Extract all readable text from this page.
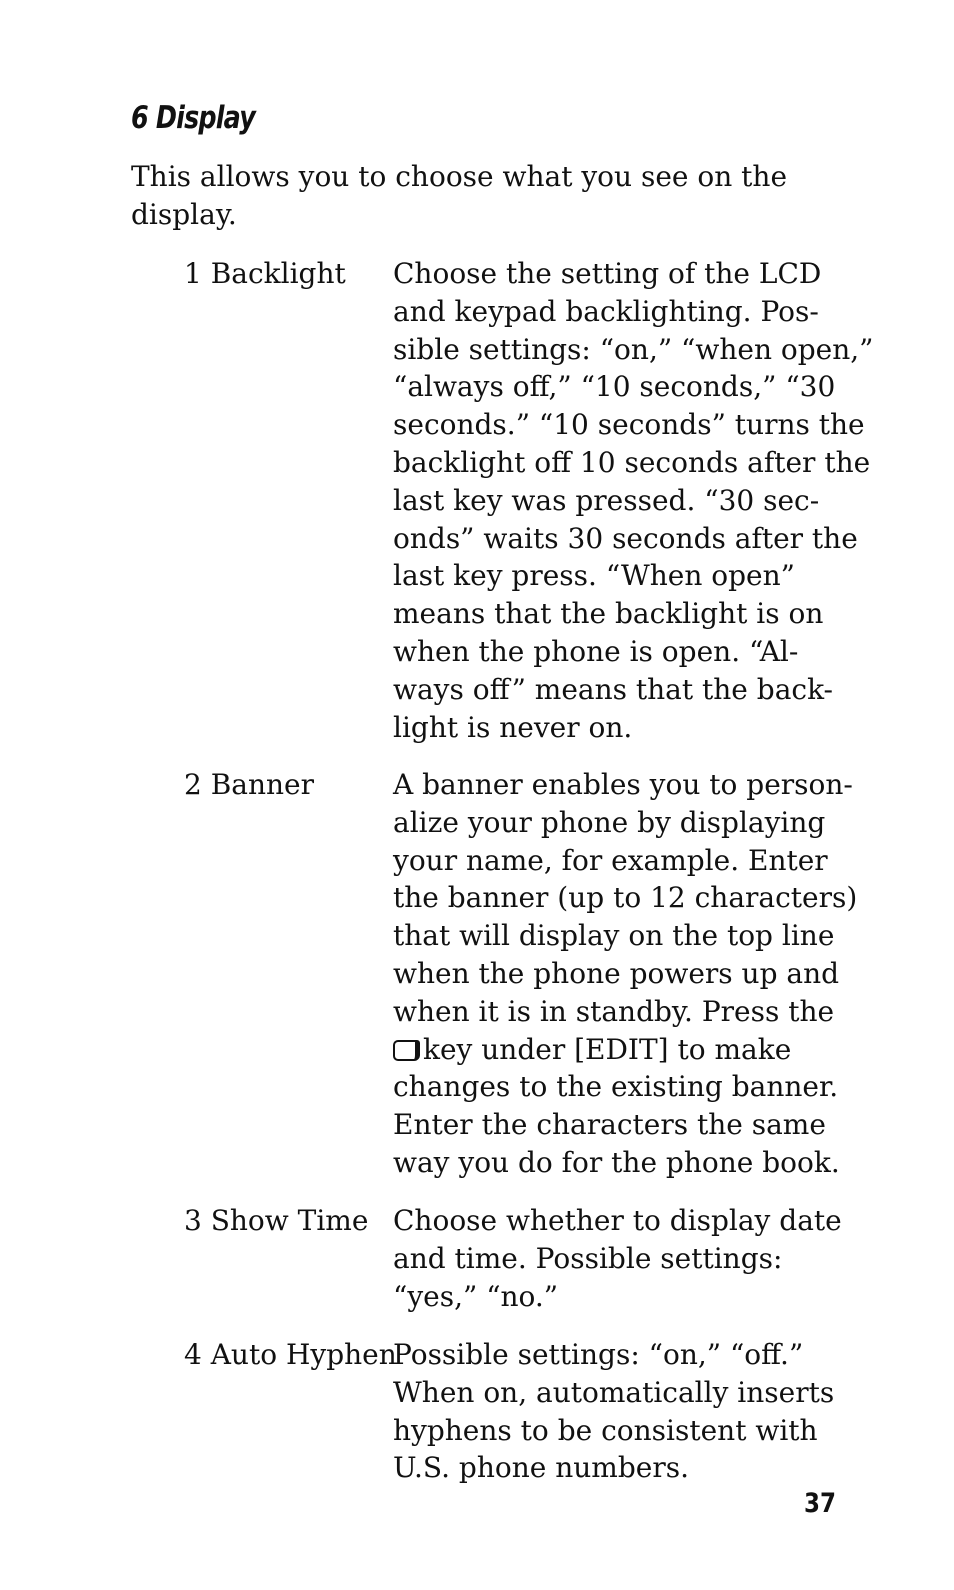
6 Display

This allows you to choose what you see on the display.

1 Backlight Choose the setting of the LCD
and keypad backlighting. Pos-
sible settings: “on,” “when open,”
“always off,” “10 seconds,” “30
seconds.” “10 seconds” turns the
backlight off 10 seconds after the
last key was pressed. “30 sec-
onds” waits 30 seconds after the
last key press. “When open”
means that the backlight is on
when the phone is open. “Al-
ways off” means that the back-
light is never on.
2 Banner	A banner enables you to person-
alize your phone by displaying
your name, for example. Enter
the banner (up to 12 characters)
that will display on the top line
when the phone powers up and
when it is in standby. Press the
key under [EDIT] to make
changes to the existing banner.
Enter the characters the same
way you do for the phone book.
3 Show Time Choose whether to display date
and time. Possible settings:
“yes,” “no.”
4 Auto Hyphen
Possible settings: “on,” “off.”
When on, automatically inserts
hyphens to be consistent with
U.S. phone numbers.
37
